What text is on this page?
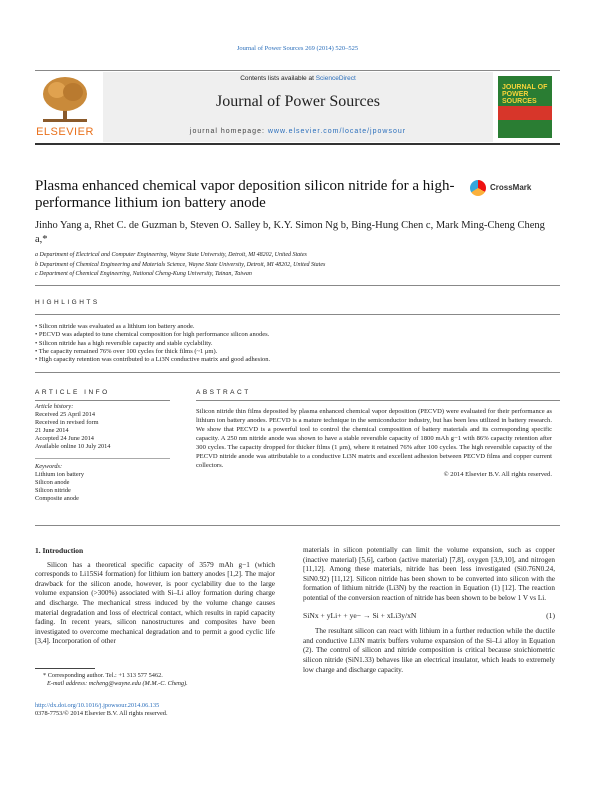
Journal of Power Sources 269 (2014) 520–525
ELSEVIER
Contents lists available at ScienceDirect
Journal of Power Sources
journal homepage: www.elsevier.com/locate/jpowsour
JOURNAL OF POWER SOURCES
Plasma enhanced chemical vapor deposition silicon nitride for a high-performance lithium ion battery anode
CrossMark
Jinho Yang a, Rhet C. de Guzman b, Steven O. Salley b, K.Y. Simon Ng b, Bing-Hung Chen c, Mark Ming-Cheng Cheng a,*
a Department of Electrical and Computer Engineering, Wayne State University, Detroit, MI 48202, United States
b Department of Chemical Engineering and Materials Science, Wayne State University, Detroit, MI 48202, United States
c Department of Chemical Engineering, National Cheng-Kung University, Tainan, Taiwan
HIGHLIGHTS
• Silicon nitride was evaluated as a lithium ion battery anode.
• PECVD was adapted to tune chemical composition for high performance silicon anodes.
• Silicon nitride has a high reversible capacity and stable cyclability.
• The capacity remained 76% over 100 cycles for thick films (~1 μm).
• High capacity retention was contributed to a Li3N conductive matrix and good adhesion.
ARTICLE INFO	ABSTRACT
Article history:
Received 25 April 2014
Received in revised form
21 June 2014
Accepted 24 June 2014
Available online 10 July 2014
Keywords:
Lithium ion battery
Silicon anode
Silicon nitride
Composite anode
Silicon nitride thin films deposited by plasma enhanced chemical vapor deposition (PECVD) were evaluated for their performance as lithium ion battery anodes. PECVD is a mature technique in the semiconductor industry, but has been less utilized in battery research. We show that PECVD is a powerful tool to control the chemical composition of battery materials and its corresponding specific capacity. A 250 nm nitride anode was shown to have a stable reversible capacity of 1800 mAh g−1 with 86% capacity retention after 300 cycles. The capacity dropped for thicker films (1 μm), where it retained 76% after 100 cycles. The high reversible capacity of the PECVD nitride anode was attributable to a conductive Li3N matrix and excellent adhesion between PECVD films and copper current collectors.
© 2014 Elsevier B.V. All rights reserved.
1. Introduction
Silicon has a theoretical specific capacity of 3579 mAh g−1 (which corresponds to Li15Si4 formation) for lithium ion battery anodes [1,2]. The major drawback for the silicon anode, however, is poor cyclability due to the large volume expansion (>300%) associated with Si–Li alloy formation during charge and discharge. The mechanical stress induced by the volume change causes material degradation and loss of electrical contact, which results in rapid capacity fading. In recent years, silicon nanostructures and composites have been investigated to overcome mechanical degradation and to permit a good cyclic life [3,4]. Incorporation of other
materials in silicon potentially can limit the volume expansion, such as copper (inactive material) [5,6], carbon (active material) [7,8], oxygen [3,9,10], and nitrogen [11,12]. Among these materials, nitride has been less investigated (Si0.76N0.24, SiN0.92) [11,12]. Silicon nitride has been shown to be converted into silicon with the formation of lithium nitride (Li3N) by the reaction in Equation (1) [12]. The reaction potential of the conversion reaction of nitride has been shown to be below 1 V vs Li.
SiNx + yLi+ + ye− → Si + xLi3y/xN	(1)
The resultant silicon can react with lithium in a further reduction while the ductile and conductive Li3N matrix buffers volume expansion of the Si–Li alloy in Equation (2). The control of silicon and nitride composition is critical because stoichiometric silicon nitride (SiN1.33) behaves like an electrical insulator, which leads to extremely low charge and discharge capacity.
* Corresponding author. Tel.: +1 313 577 5462.
E-mail address: mcheng@wayne.edu (M.M.-C. Cheng).
http://dx.doi.org/10.1016/j.jpowsour.2014.06.135
0378-7753/© 2014 Elsevier B.V. All rights reserved.
